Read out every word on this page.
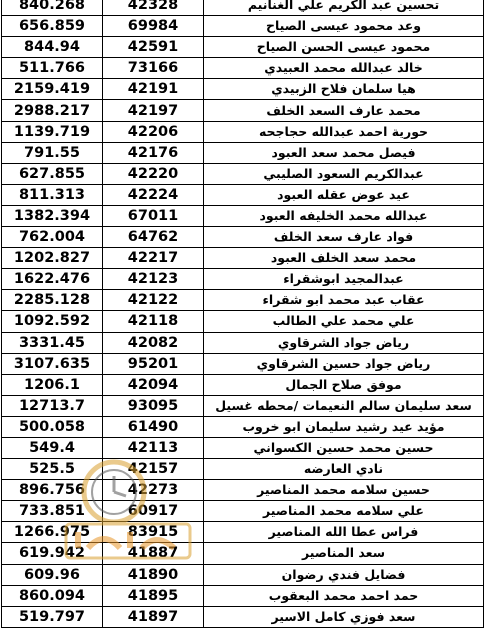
840.268	42328	تحسين عبد الكريم علي الغنانيم
656.859	69984	وعد محمود عيسى الصياح
844.94	42591	محمود عيسى الحسن الصياح
511.766	73166	خالد عبدالله محمد العبيدي
2159.419	42191	هيا سلمان فلاح الزبيدي
2988.217	42197	محمد عارف السعد الخلف
1139.719	42206	حورية احمد عبدالله حجاجحه
791.55	42176	فيصل محمد سعد العبود
627.855	42220	عبدالكريم السعود الصليبي
811.313	42224	عيد عوض عقله العبود
1382.394	67011	عبدالله محمد الخليفه العبود
762.004	64762	فواد عارف سعد الخلف
1202.827	42217	محمد سعد الخلف العبود
1622.476	42123	عبدالمجيد ابوشقراء
2285.128	42122	عقاب عبد محمد ابو شقراء
1092.592	42118	علي محمد علي الطالب
3331.45	42082	رياض جواد الشرقاوي
3107.635	95201	رياض جواد حسين الشرقاوي
1206.1	42094	موفق صلاح الجمال
12713.7	93095	سعد سليمان سالم النعيمات /محطه غسيل
500.058	61490	مؤيد عيد رشيد سليمان ابو خروب
549.4	42113	حسين محمد حسين الكسواني
525.5	42157	نادي العارضه
896.756	42273	حسين سلامه محمد المناصير
733.851	60917	علي سلامه محمد المناصير
1266.975	83915	فراس عطا الله المناصير
619.942	41887	سعد المناصير
609.96	41890	فضايل فندي رضوان
860.094	41895	حمد احمد محمد البعقوب
519.797	41897	سعد فوزي كامل الاسير
